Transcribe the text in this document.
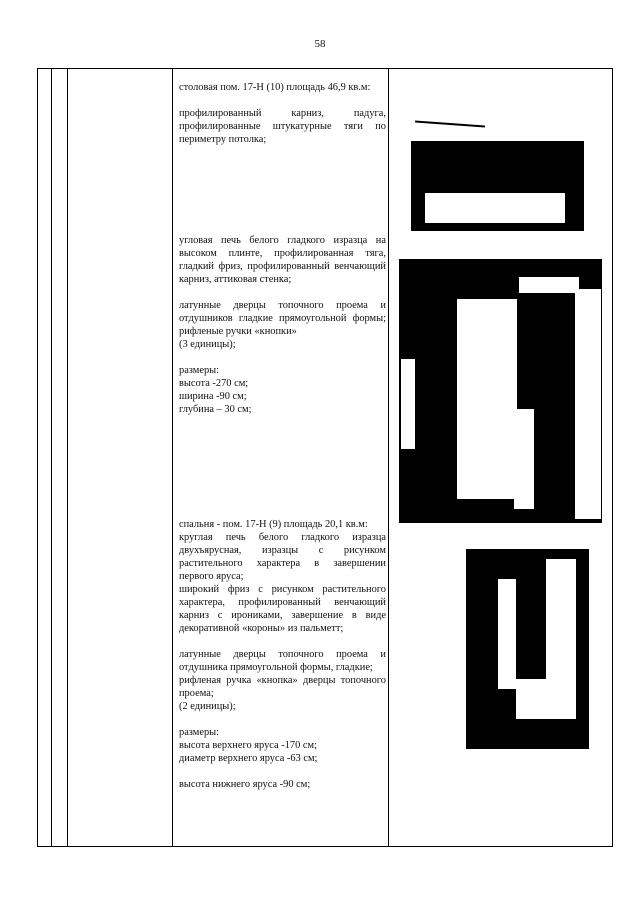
58

столовая пом. 17-Н (10) площадь 46,9 кв.м:

профилированный карниз, падуга, профилированные штукатурные тяги по периметру потолка;

угловая печь белого гладкого изразца на высоком плинте, профилированная тяга, гладкий фриз, профилированный венчающий карниз, аттиковая стенка;

латунные дверцы топочного проема и отдушников гладкие прямоугольной формы; рифленые ручки «кнопки»

(3 единицы);

размеры:

высота -270 см;

ширина -90 см;

глубина – 30 см;

спальня - пом. 17-Н (9) площадь 20,1 кв.м:

круглая печь белого гладкого изразца двухъярусная, изразцы с рисунком растительного характера в завершении первого яруса;

широкий фриз с рисунком растительного характера, профилированный венчающий карниз с ирониками, завершение в виде декоративной «короны» из пальметт;

латунные дверцы топочного проема и отдушника прямоугольной формы, гладкие;

рифленая ручка «кнопка» дверцы топочного проема;

(2 единицы);

размеры:

высота верхнего яруса -170 см;

диаметр верхнего яруса -63 см;

высота нижнего яруса -90 см;
